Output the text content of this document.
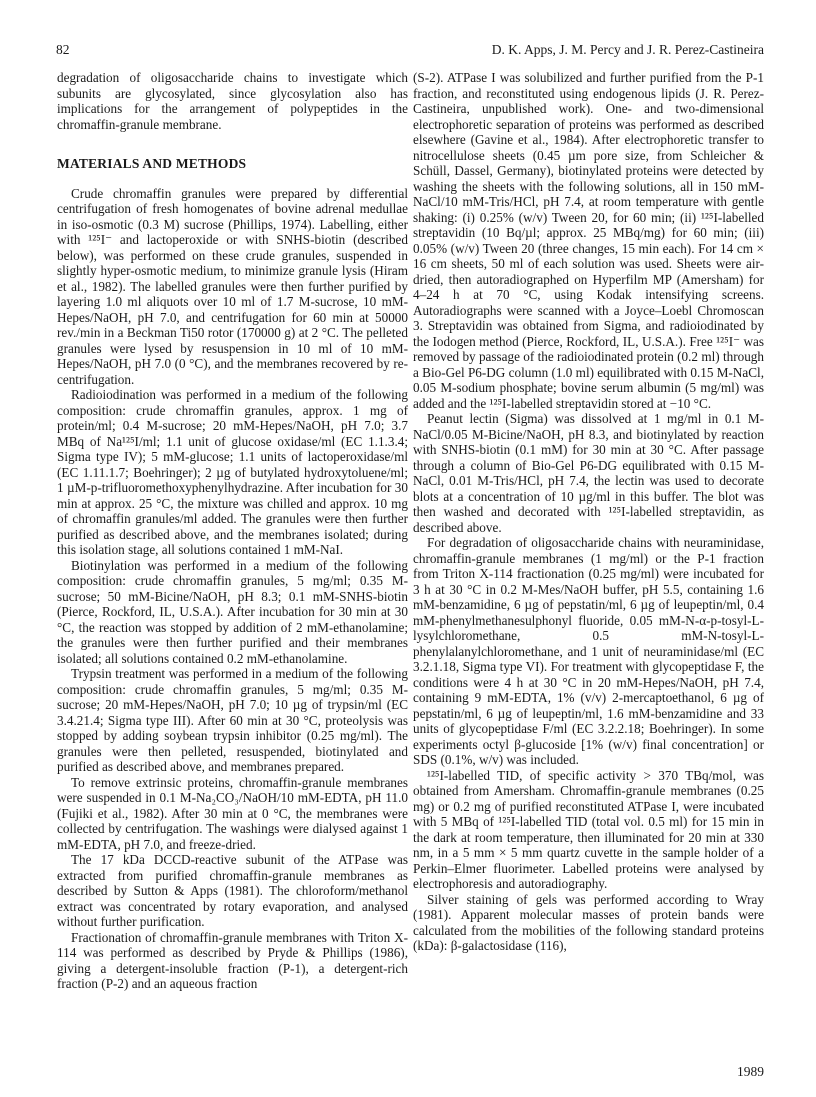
82	D. K. Apps, J. M. Percy and J. R. Perez-Castineira

degradation of oligosaccharide chains to investigate which subunits are glycosylated, since glycosylation also has implications for the arrangement of polypeptides in the chromaffin-granule membrane.

MATERIALS AND METHODS

Crude chromaffin granules were prepared by differential centrifugation of fresh homogenates of bovine adrenal medullae in iso-osmotic (0.3 M) sucrose (Phillips, 1974). Labelling, either with ¹²⁵I⁻ and lactoperoxide or with SNHS-biotin (described below), was performed on these crude granules, suspended in slightly hyper-osmotic medium, to minimize granule lysis (Hiram et al., 1982). The labelled granules were then further purified by layering 1.0 ml aliquots over 10 ml of 1.7 M-sucrose, 10 mM-Hepes/NaOH, pH 7.0, and centrifugation for 60 min at 50000 rev./min in a Beckman Ti50 rotor (170000 g) at 2 °C. The pelleted granules were lysed by resuspension in 10 ml of 10 mM-Hepes/NaOH, pH 7.0 (0 °C), and the membranes recovered by re-centrifugation.

Radioiodination was performed in a medium of the following composition: crude chromaffin granules, approx. 1 mg of protein/ml; 0.4 M-sucrose; 20 mM-Hepes/NaOH, pH 7.0; 3.7 MBq of Na¹²⁵I/ml; 1.1 unit of glucose oxidase/ml (EC 1.1.3.4; Sigma type IV); 5 mM-glucose; 1.1 units of lactoperoxidase/ml (EC 1.11.1.7; Boehringer); 2 µg of butylated hydroxytoluene/ml; 1 µM-p-trifluoromethoxyphenylhydrazine. After incubation for 30 min at approx. 25 °C, the mixture was chilled and approx. 10 mg of chromaffin granules/ml added. The granules were then further purified as described above, and the membranes isolated; during this isolation stage, all solutions contained 1 mM-NaI.

Biotinylation was performed in a medium of the following composition: crude chromaffin granules, 5 mg/ml; 0.35 M-sucrose; 50 mM-Bicine/NaOH, pH 8.3; 0.1 mM-SNHS-biotin (Pierce, Rockford, IL, U.S.A.). After incubation for 30 min at 30 °C, the reaction was stopped by addition of 2 mM-ethanolamine; the granules were then further purified and their membranes isolated; all solutions contained 0.2 mM-ethanolamine.

Trypsin treatment was performed in a medium of the following composition: crude chromaffin granules, 5 mg/ml; 0.35 M-sucrose; 20 mM-Hepes/NaOH, pH 7.0; 10 µg of trypsin/ml (EC 3.4.21.4; Sigma type III). After 60 min at 30 °C, proteolysis was stopped by adding soybean trypsin inhibitor (0.25 mg/ml). The granules were then pelleted, resuspended, biotinylated and purified as described above, and membranes prepared.

To remove extrinsic proteins, chromaffin-granule membranes were suspended in 0.1 M-Na₂CO₃/NaOH/10 mM-EDTA, pH 11.0 (Fujiki et al., 1982). After 30 min at 0 °C, the membranes were collected by centrifugation. The washings were dialysed against 1 mM-EDTA, pH 7.0, and freeze-dried.

The 17 kDa DCCD-reactive subunit of the ATPase was extracted from purified chromaffin-granule membranes as described by Sutton & Apps (1981). The chloroform/methanol extract was concentrated by rotary evaporation, and analysed without further purification.

Fractionation of chromaffin-granule membranes with Triton X-114 was performed as described by Pryde & Phillips (1986), giving a detergent-insoluble fraction (P-1), a detergent-rich fraction (P-2) and an aqueous fraction

(S-2). ATPase I was solubilized and further purified from the P-1 fraction, and reconstituted using endogenous lipids (J. R. Perez-Castineira, unpublished work). One- and two-dimensional electrophoretic separation of proteins was performed as described elsewhere (Gavine et al., 1984). After electrophoretic transfer to nitrocellulose sheets (0.45 µm pore size, from Schleicher & Schüll, Dassel, Germany), biotinylated proteins were detected by washing the sheets with the following solutions, all in 150 mM-NaCl/10 mM-Tris/HCl, pH 7.4, at room temperature with gentle shaking: (i) 0.25% (w/v) Tween 20, for 60 min; (ii) ¹²⁵I-labelled streptavidin (10 Bq/µl; approx. 25 MBq/mg) for 60 min; (iii) 0.05% (w/v) Tween 20 (three changes, 15 min each). For 14 cm × 16 cm sheets, 50 ml of each solution was used. Sheets were air-dried, then autoradiographed on Hyperfilm MP (Amersham) for 4–24 h at 70 °C, using Kodak intensifying screens. Autoradiographs were scanned with a Joyce–Loebl Chromoscan 3. Streptavidin was obtained from Sigma, and radioiodinated by the Iodogen method (Pierce, Rockford, IL, U.S.A.). Free ¹²⁵I⁻ was removed by passage of the radioiodinated protein (0.2 ml) through a Bio-Gel P6-DG column (1.0 ml) equilibrated with 0.15 M-NaCl, 0.05 M-sodium phosphate; bovine serum albumin (5 mg/ml) was added and the ¹²⁵I-labelled streptavidin stored at −10 °C.

Peanut lectin (Sigma) was dissolved at 1 mg/ml in 0.1 M-NaCl/0.05 M-Bicine/NaOH, pH 8.3, and biotinylated by reaction with SNHS-biotin (0.1 mM) for 30 min at 30 °C. After passage through a column of Bio-Gel P6-DG equilibrated with 0.15 M-NaCl, 0.01 M-Tris/HCl, pH 7.4, the lectin was used to decorate blots at a concentration of 10 µg/ml in this buffer. The blot was then washed and decorated with ¹²⁵I-labelled streptavidin, as described above.

For degradation of oligosaccharide chains with neuraminidase, chromaffin-granule membranes (1 mg/ml) or the P-1 fraction from Triton X-114 fractionation (0.25 mg/ml) were incubated for 3 h at 30 °C in 0.2 M-Mes/NaOH buffer, pH 5.5, containing 1.6 mM-benzamidine, 6 µg of pepstatin/ml, 6 µg of leupeptin/ml, 0.4 mM-phenylmethanesulphonyl fluoride, 0.05 mM-N-α-p-tosyl-L-lysylchloromethane, 0.5 mM-N-tosyl-L-phenylalanylchloromethane, and 1 unit of neuraminidase/ml (EC 3.2.1.18, Sigma type VI). For treatment with glycopeptidase F, the conditions were 4 h at 30 °C in 20 mM-Hepes/NaOH, pH 7.4, containing 9 mM-EDTA, 1% (v/v) 2-mercaptoethanol, 6 µg of pepstatin/ml, 6 µg of leupeptin/ml, 1.6 mM-benzamidine and 33 units of glycopeptidase F/ml (EC 3.2.2.18; Boehringer). In some experiments octyl β-glucoside [1% (w/v) final concentration] or SDS (0.1%, w/v) was included.

¹²⁵I-labelled TID, of specific activity > 370 TBq/mol, was obtained from Amersham. Chromaffin-granule membranes (0.25 mg) or 0.2 mg of purified reconstituted ATPase I, were incubated with 5 MBq of ¹²⁵I-labelled TID (total vol. 0.5 ml) for 15 min in the dark at room temperature, then illuminated for 20 min at 330 nm, in a 5 mm × 5 mm quartz cuvette in the sample holder of a Perkin–Elmer fluorimeter. Labelled proteins were analysed by electrophoresis and autoradiography.

Silver staining of gels was performed according to Wray (1981). Apparent molecular masses of protein bands were calculated from the mobilities of the following standard proteins (kDa): β-galactosidase (116),

1989
